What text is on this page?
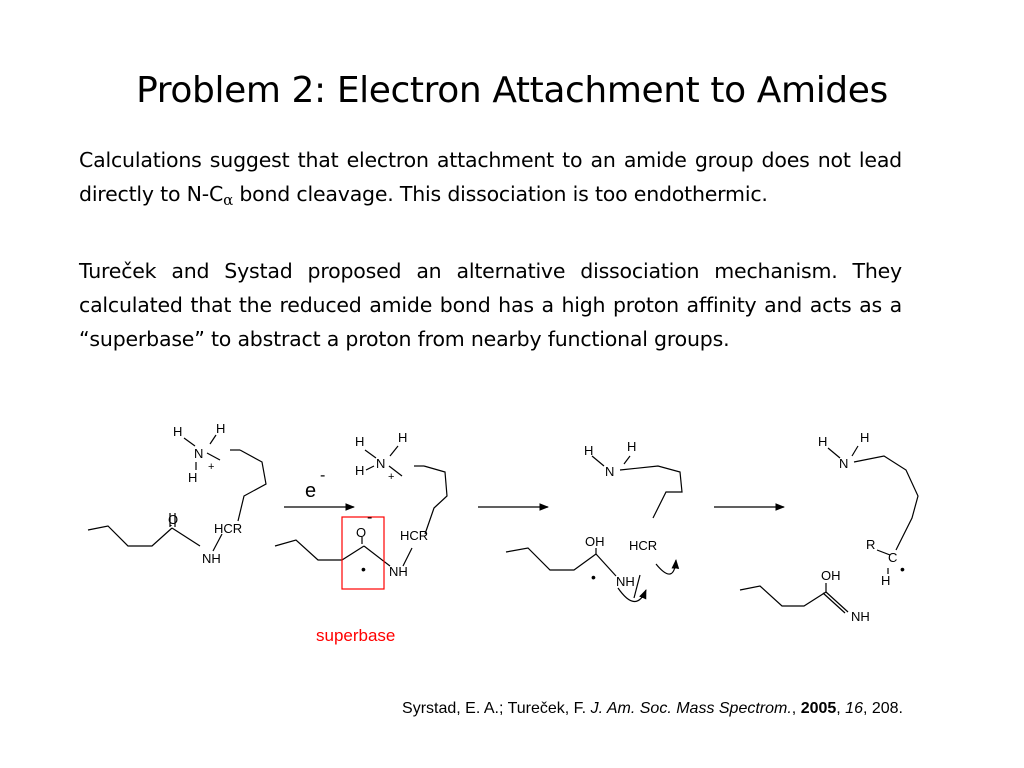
Problem 2: Electron Attachment to Amides
Calculations suggest that electron attachment to an amide group does not lead directly to $N-C_\alpha$ bond cleavage. This dissociation is too endothermic.
Tureček and Systad proposed an alternative dissociation mechanism. They calculated that the reduced amide bond has a high proton affinity and acts as a “superbase” to abstract a proton from nearby functional groups.
H	H
N
+
H
O
HCR
NH
e
-
H	H
N
H +
O
-
•
HCR
NH
H	H
N
OH HCR
NH
•
H	H
N
R
C
•
H
OH
NH
superbase
Syrstad, E. A.; Tureček, F. J. Am. Soc. Mass Spectrom., 2005, 16, 208.
